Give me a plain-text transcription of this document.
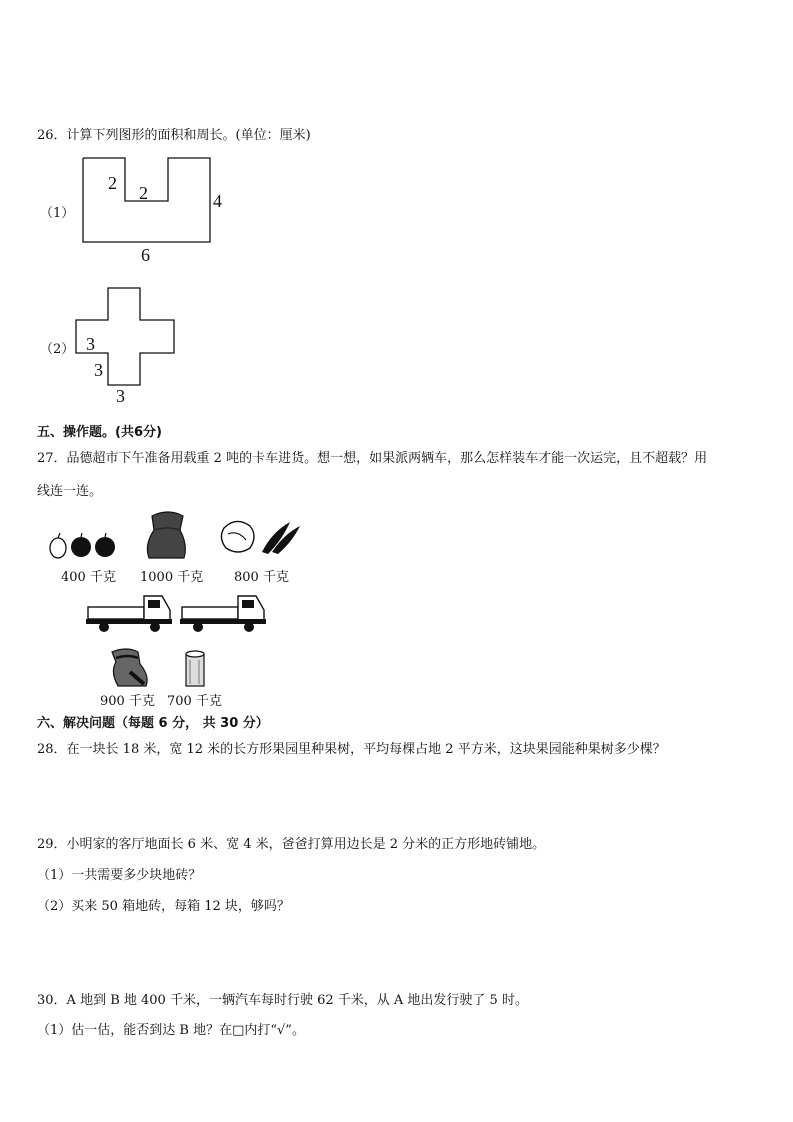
26．计算下列图形的面积和周长。(单位：厘米)
（1）
2 2	4
6
（2） 3
3
3
五、操作题。(共6分)
27．品德超市下午准备用载重 2 吨的卡车进货。想一想，如果派两辆车，那么怎样装车才能一次运完，且不超载？用
线连一连。
400 千克 1000 千克 800 千克
900 千克 700 千克
六、解决问题（每题 6 分， 共 30 分）
28．在一块长 18 米，宽 12 米的长方形果园里种果树，平均每棵占地 2 平方米，这块果园能种果树多少棵？
29．小明家的客厅地面长 6 米、宽 4 米，爸爸打算用边长是 2 分米的正方形地砖铺地。
（1）一共需要多少块地砖？
（2）买来 50 箱地砖，每箱 12 块，够吗？
30．A 地到 B 地 400 千米，一辆汽车每时行驶 62 千米，从 A 地出发行驶了 5 时。
（1）估一估，能否到达 B 地？在□内打“√”。
